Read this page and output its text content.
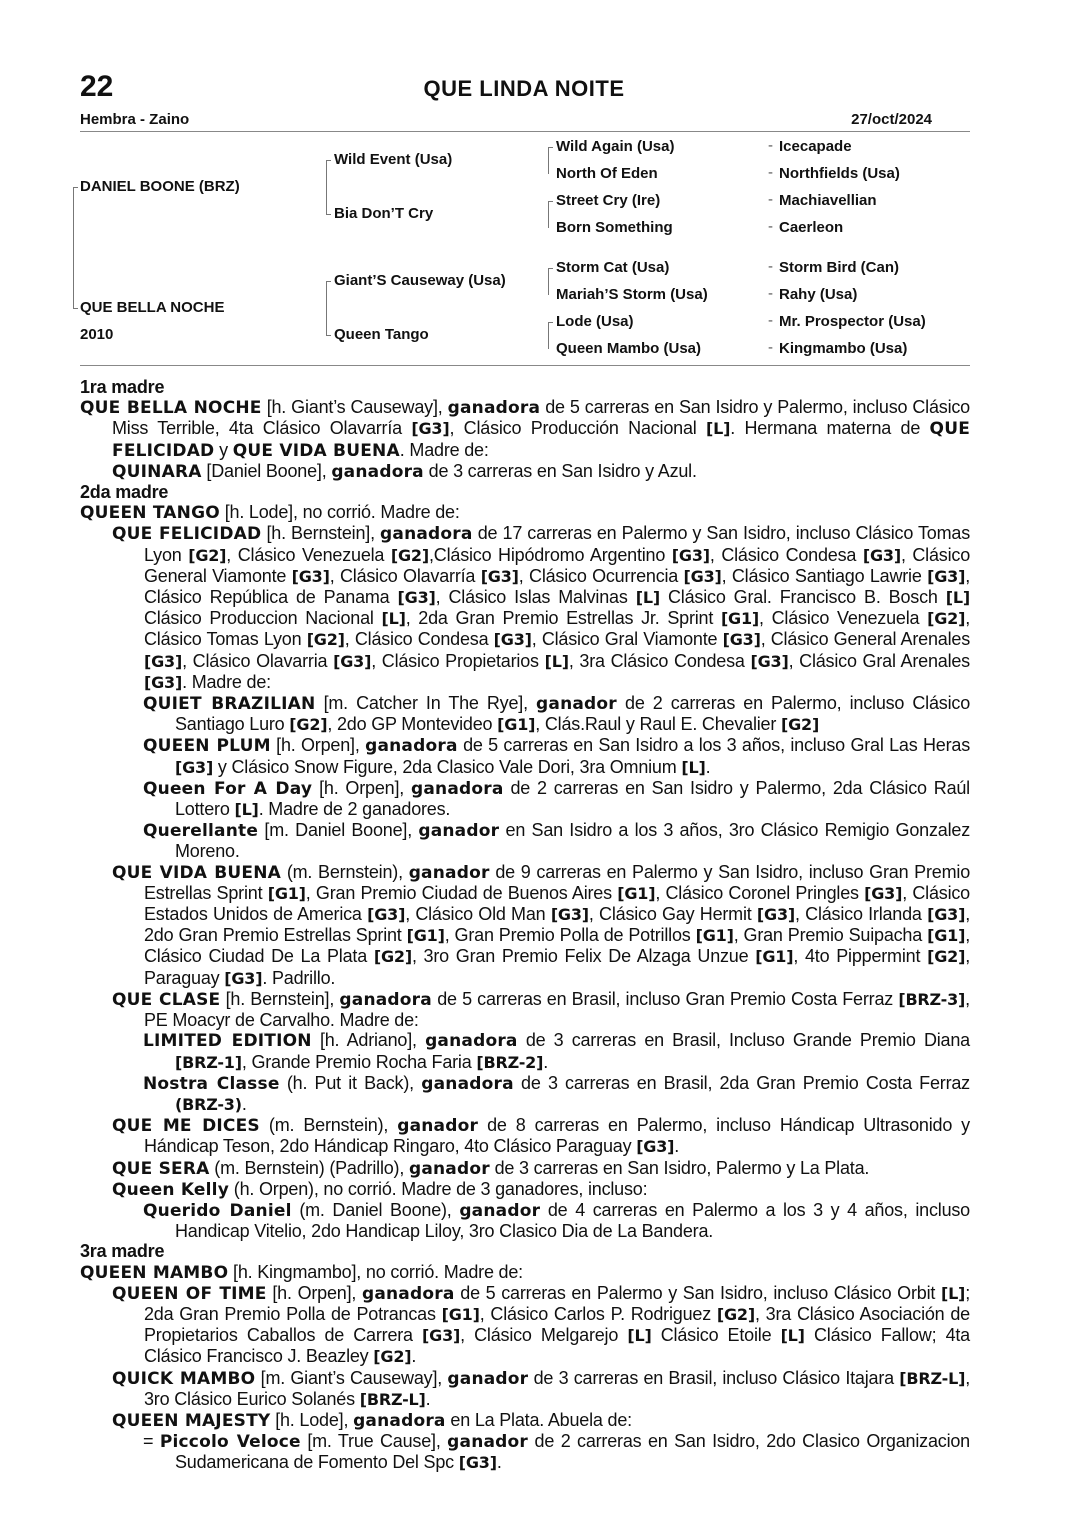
22	QUE LINDA NOITE
Hembra - Zaino	27/oct/2024
DANIEL BOONE (BRZ)
QUE BELLA NOCHE
2010
Wild Event (Usa)
Bia Don’T Cry
Giant’S Causeway (Usa)
Queen Tango
Wild Again (Usa)
North Of Eden
Street Cry (Ire)
Born Something
Storm Cat (Usa)
Mariah’S Storm (Usa)
Lode (Usa)
Queen Mambo (Usa)
- Icecapade
- Northfields (Usa)
- Machiavellian
- Caerleon
- Storm Bird (Can)
- Rahy (Usa)
- Mr. Prospector (Usa)
- Kingmambo (Usa)

1ra madre

QUE BELLA NOCHE [h. Giant’s Causeway], ganadora de 5 carreras en San Isidro y Palermo, incluso Clásico Miss Terrible, 4ta Clásico Olavarría [G3], Clásico Producción Nacional [L]. Hermana materna de QUE FELICIDAD y QUE VIDA BUENA. Madre de:

QUINARA [Daniel Boone], ganadora de 3 carreras en San Isidro y Azul.

2da madre

QUEEN TANGO [h. Lode], no corrió. Madre de:

QUE FELICIDAD [h. Bernstein], ganadora de 17 carreras en Palermo y San Isidro, incluso Clásico Tomas Lyon [G2], Clásico Venezuela [G2],Clásico Hipódromo Argentino [G3], Clásico Condesa [G3], Clásico General Viamonte [G3], Clásico Olavarría [G3], Clásico Ocurrencia [G3], Clásico Santiago Lawrie [G3], Clásico República de Panama [G3], Clásico Islas Malvinas [L] Clásico Gral. Francisco B. Bosch [L] Clásico Produccion Nacional [L], 2da Gran Premio Estrellas Jr. Sprint [G1], Clásico Venezuela [G2], Clásico Tomas Lyon [G2], Clásico Condesa [G3], Clásico Gral Viamonte [G3], Clásico General Arenales [G3], Clásico Olavarria [G3], Clásico Propietarios [L], 3ra Clásico Condesa [G3], Clásico Gral Arenales [G3]. Madre de:

QUIET BRAZILIAN [m. Catcher In The Rye], ganador de 2 carreras en Palermo, incluso Clásico Santiago Luro [G2], 2do GP Montevideo [G1], Clás.Raul y Raul E. Chevalier [G2]

QUEEN PLUM [h. Orpen], ganadora de 5 carreras en San Isidro a los 3 años, incluso Gral Las Heras [G3] y Clásico Snow Figure, 2da Clasico Vale Dori, 3ra Omnium [L].

Queen For A Day [h. Orpen], ganadora de 2 carreras en San Isidro y Palermo, 2da Clásico Raúl Lottero [L]. Madre de 2 ganadores.

Querellante [m. Daniel Boone], ganador en San Isidro a los 3 años, 3ro Clásico Remigio Gonzalez Moreno.

QUE VIDA BUENA (m. Bernstein), ganador de 9 carreras en Palermo y San Isidro, incluso Gran Premio Estrellas Sprint [G1], Gran Premio Ciudad de Buenos Aires [G1], Clásico Coronel Pringles [G3], Clásico Estados Unidos de America [G3], Clásico Old Man [G3], Clásico Gay Hermit [G3], Clásico Irlanda [G3], 2do Gran Premio Estrellas Sprint [G1], Gran Premio Polla de Potrillos [G1], Gran Premio Suipacha [G1], Clásico Ciudad De La Plata [G2], 3ro Gran Premio Felix De Alzaga Unzue [G1], 4to Pippermint [G2], Paraguay [G3]. Padrillo.

QUE CLASE [h. Bernstein], ganadora de 5 carreras en Brasil, incluso Gran Premio Costa Ferraz [BRZ-3], PE Moacyr de Carvalho. Madre de:

LIMITED EDITION [h. Adriano], ganadora de 3 carreras en Brasil, Incluso Grande Premio Diana [BRZ-1], Grande Premio Rocha Faria [BRZ-2].

Nostra Classe (h. Put it Back), ganadora de 3 carreras en Brasil, 2da Gran Premio Costa Ferraz (BRZ-3).

QUE ME DICES (m. Bernstein), ganador de 8 carreras en Palermo, incluso Hándicap Ultrasonido y Hándicap Teson, 2do Hándicap Ringaro, 4to Clásico Paraguay [G3].

QUE SERA (m. Bernstein) (Padrillo), ganador de 3 carreras en San Isidro, Palermo y La Plata.

Queen Kelly (h. Orpen), no corrió. Madre de 3 ganadores, incluso:

Querido Daniel (m. Daniel Boone), ganador de 4 carreras en Palermo a los 3 y 4 años, incluso Handicap Vitelio, 2do Handicap Liloy, 3ro Clasico Dia de La Bandera.

3ra madre

QUEEN MAMBO [h. Kingmambo], no corrió. Madre de:

QUEEN OF TIME [h. Orpen], ganadora de 5 carreras en Palermo y San Isidro, incluso Clásico Orbit [L]; 2da Gran Premio Polla de Potrancas [G1], Clásico Carlos P. Rodriguez [G2], 3ra Clásico Asociación de Propietarios Caballos de Carrera [G3], Clásico Melgarejo [L] Clásico Etoile [L] Clásico Fallow; 4ta Clásico Francisco J. Beazley [G2].

QUICK MAMBO [m. Giant’s Causeway], ganador de 3 carreras en Brasil, incluso Clásico Itajara [BRZ-L], 3ro Clásico Eurico Solanés [BRZ-L].

QUEEN MAJESTY [h. Lode], ganadora en La Plata. Abuela de:

= Piccolo Veloce [m. True Cause], ganador de 2 carreras en San Isidro, 2do Clasico Organizacion Sudamericana de Fomento Del Spc [G3].
